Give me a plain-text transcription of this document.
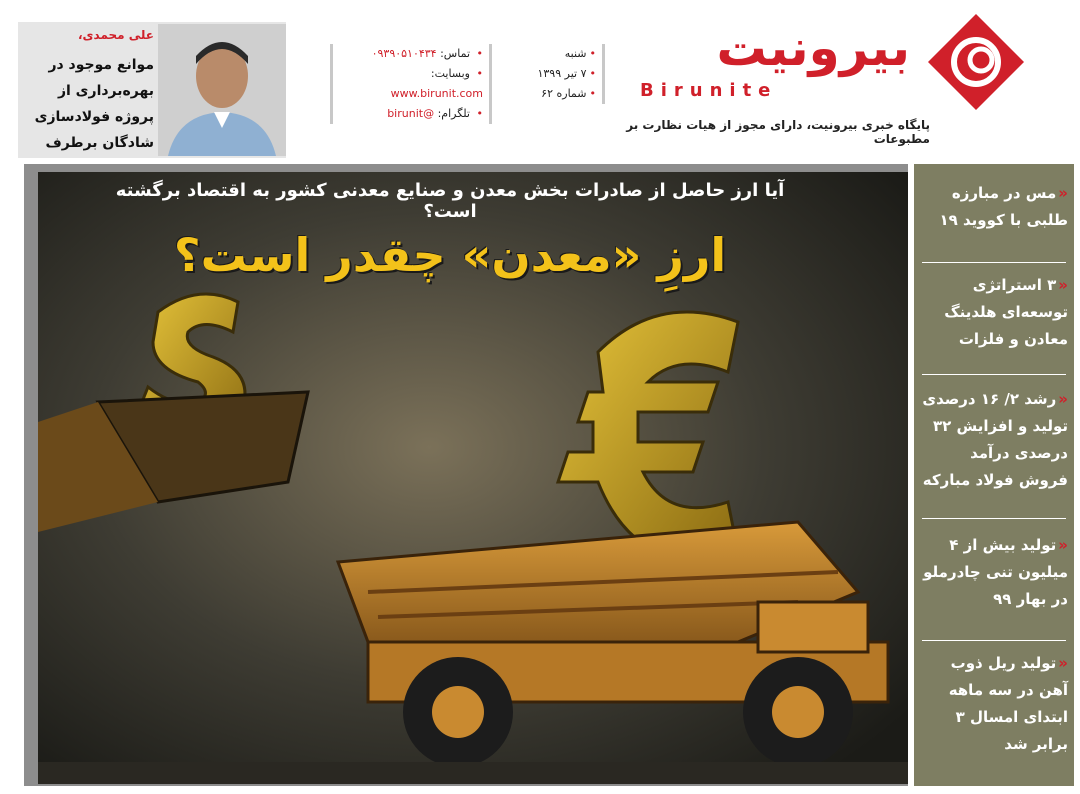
بیرونیت
Birunite
پایگاه خبری بیرونیت، دارای مجوز از هیات نظارت بر مطبوعات
• شنبه
• ۷ تیر ۱۳۹۹
• شماره ۶۲
• تماس: ۰۹۳۹۰۵۱۰۴۳۴
• وبسایت: www.birunit.com
• تلگرام: @birunit
علی محمدی،
موانع موجود در بهره‌برداری از پروژه فولادسازی شادگان برطرف
آیا ارز حاصل از صادرات بخش معدن و صنایع معدنی کشور به اقتصاد برگشته است؟
ارزِ «معدن» چقدر است؟
«مس در مبارزه طلبی با کووید ۱۹
«۳ استراتژی توسعه‌ای هلدینگ معادن و فلزات
«رشد ۲/ ۱۶ درصدی تولید و افزایش ۳۲ درصدی درآمد فروش فولاد مبارکه
«تولید بیش از ۴ میلیون تنی چادرملو در بهار ۹۹
«تولید ریل ذوب آهن در سه ماهه ابتدای امسال ۳ برابر شد
